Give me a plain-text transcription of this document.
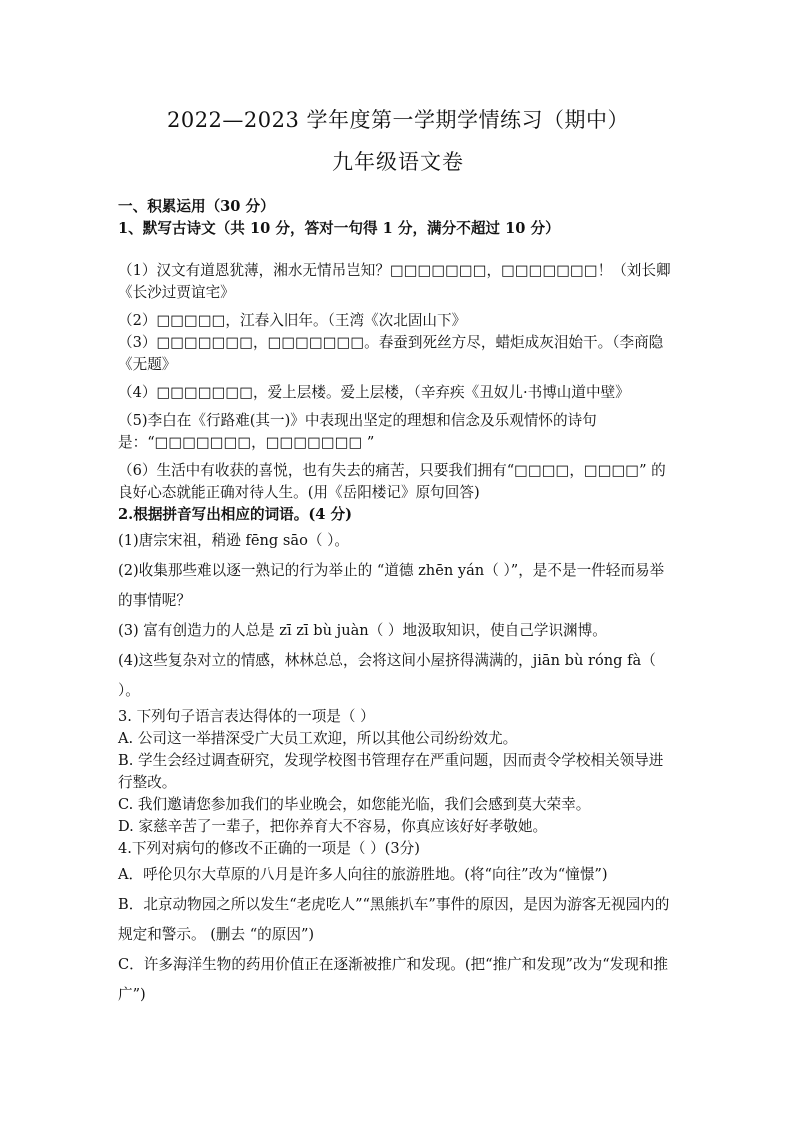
2022—2023 学年度第一学期学情练习（期中）
九年级语文卷

一、积累运用（30 分）

1、默写古诗文（共 10 分，答对一句得 1 分，满分不超过 10 分）

（1）汉文有道恩犹薄，湘水无情吊岂知？□□□□□□□，□□□□□□□！（刘长卿《长沙过贾谊宅》

（2）□□□□□，江春入旧年。（王湾《次北固山下》

（3）□□□□□□□，□□□□□□□。春蚕到死丝方尽，蜡炬成灰泪始干。（李商隐《无题》

（4）□□□□□□□，爱上层楼。爱上层楼，（辛弃疾《丑奴儿·书博山道中壁》

（5)李白在《行路难(其一)》中表现出坚定的理想和信念及乐观情怀的诗句是：“□□□□□□□，□□□□□□□ ”

（6）生活中有收获的喜悦，也有失去的痛苦，只要我们拥有“□□□□，□□□□” 的良好心态就能正确对待人生。(用《岳阳楼记》原句回答)

2.根据拼音写出相应的词语。(4 分)

(1)唐宗宋祖，稍逊 fēng sāo（ ）。

(2)收集那些难以逐一熟记的行为举止的 “道德 zhēn yán（ ）”，是不是一件轻而易举的事情呢？

(3) 富有创造力的人总是 zī zī bù juàn（ ）地汲取知识，使自己学识渊博。

(4)这些复杂对立的情感，林林总总，会将这间小屋挤得满满的，jiān bù róng fà（ ）。

3. 下列句子语言表达得体的一项是（ ）

A. 公司这一举措深受广大员工欢迎，所以其他公司纷纷效尤。

B. 学生会经过调查研究，发现学校图书管理存在严重问题，因而责令学校相关领导进行整改。

C. 我们邀请您参加我们的毕业晚会，如您能光临，我们会感到莫大荣幸。

D. 家慈辛苦了一辈子，把你养育大不容易，你真应该好好孝敬她。

4.下列对病句的修改不正确的一项是（ ）(3分)

A．呼伦贝尔大草原的八月是许多人向往的旅游胜地。(将“向往”改为“憧憬”)

B．北京动物园之所以发生“老虎吃人”“黑熊扒车”事件的原因，是因为游客无视园内的规定和警示。 (删去 “的原因”)

C．许多海洋生物的药用价值正在逐渐被推广和发现。(把“推广和发现”改为“发现和推广”)
